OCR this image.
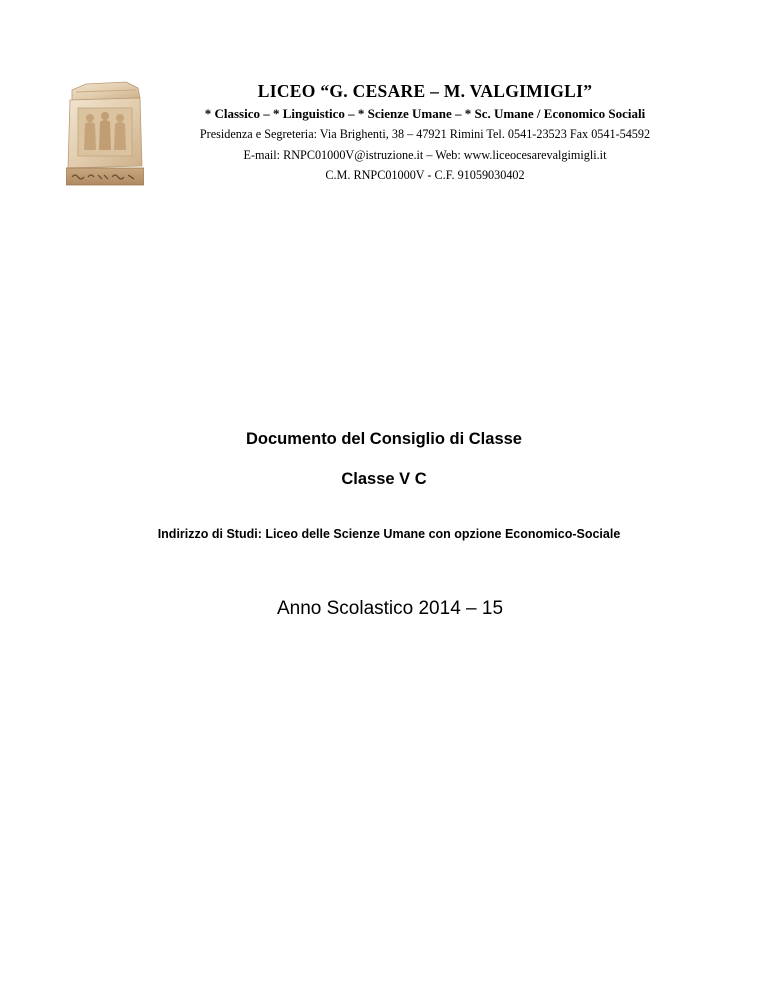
LICEO “G. CESARE – M. VALGIMIGLI”
* Classico – * Linguistico – * Scienze Umane – * Sc. Umane / Economico Sociali
Presidenza e Segreteria: Via Brighenti, 38 – 47921 Rimini Tel. 0541-23523 Fax 0541-54592
E-mail: RNPC01000V@istruzione.it – Web: www.liceocesarevalgimigli.it
C.M. RNPC01000V - C.F. 91059030402
Documento del Consiglio di Classe
Classe V C
Indirizzo di Studi: Liceo delle Scienze Umane con opzione Economico-Sociale
Anno Scolastico 2014 – 15
